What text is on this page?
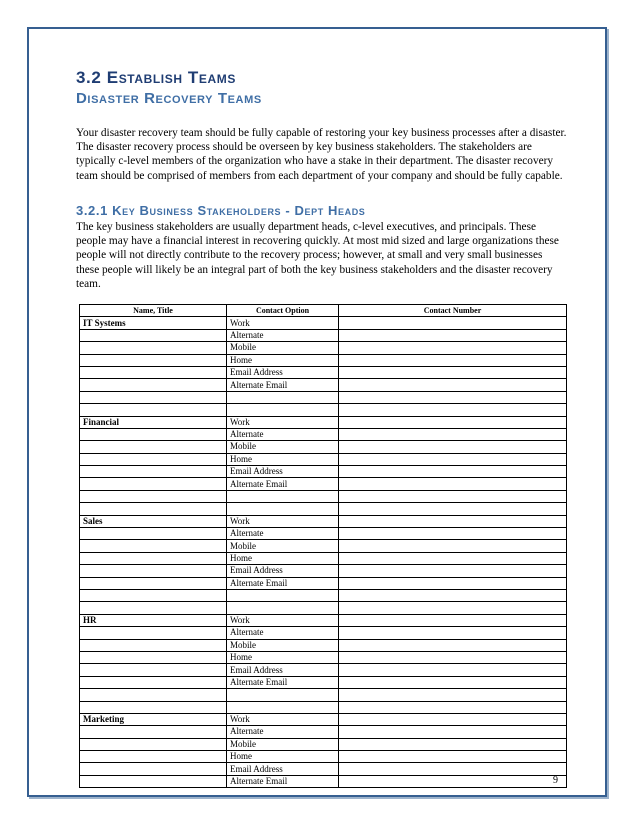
3.2 Establish Teams
Disaster Recovery Teams

Your disaster recovery team should be fully capable of restoring your key business processes after a disaster. The disaster recovery process should be overseen by key business stakeholders. The stakeholders are typically c-level members of the organization who have a stake in their department. The disaster recovery team should be comprised of members from each department of your company and should be fully capable.

3.2.1 Key Business Stakeholders - Dept Heads

The key business stakeholders are usually department heads, c-level executives, and principals. These people may have a financial interest in recovering quickly. At most mid sized and large organizations these people will not directly contribute to the recovery process; however, at small and very small businesses these people will likely be an integral part of both the key business stakeholders and the disaster recovery team.

Name, Title	Contact Option	Contact Number
IT Systems	Work	
	Alternate	
	Mobile	
	Home	
	Email Address	
	Alternate Email	

Financial	Work	
	Alternate	
	Mobile	
	Home	
	Email Address	
	Alternate Email	

Sales	Work	
	Alternate	
	Mobile	
	Home	
	Email Address	
	Alternate Email	

HR	Work	
	Alternate	
	Mobile	
	Home	
	Email Address	
	Alternate Email	

Marketing	Work	
	Alternate	
	Mobile	
	Home	
	Email Address	
	Alternate Email		9
